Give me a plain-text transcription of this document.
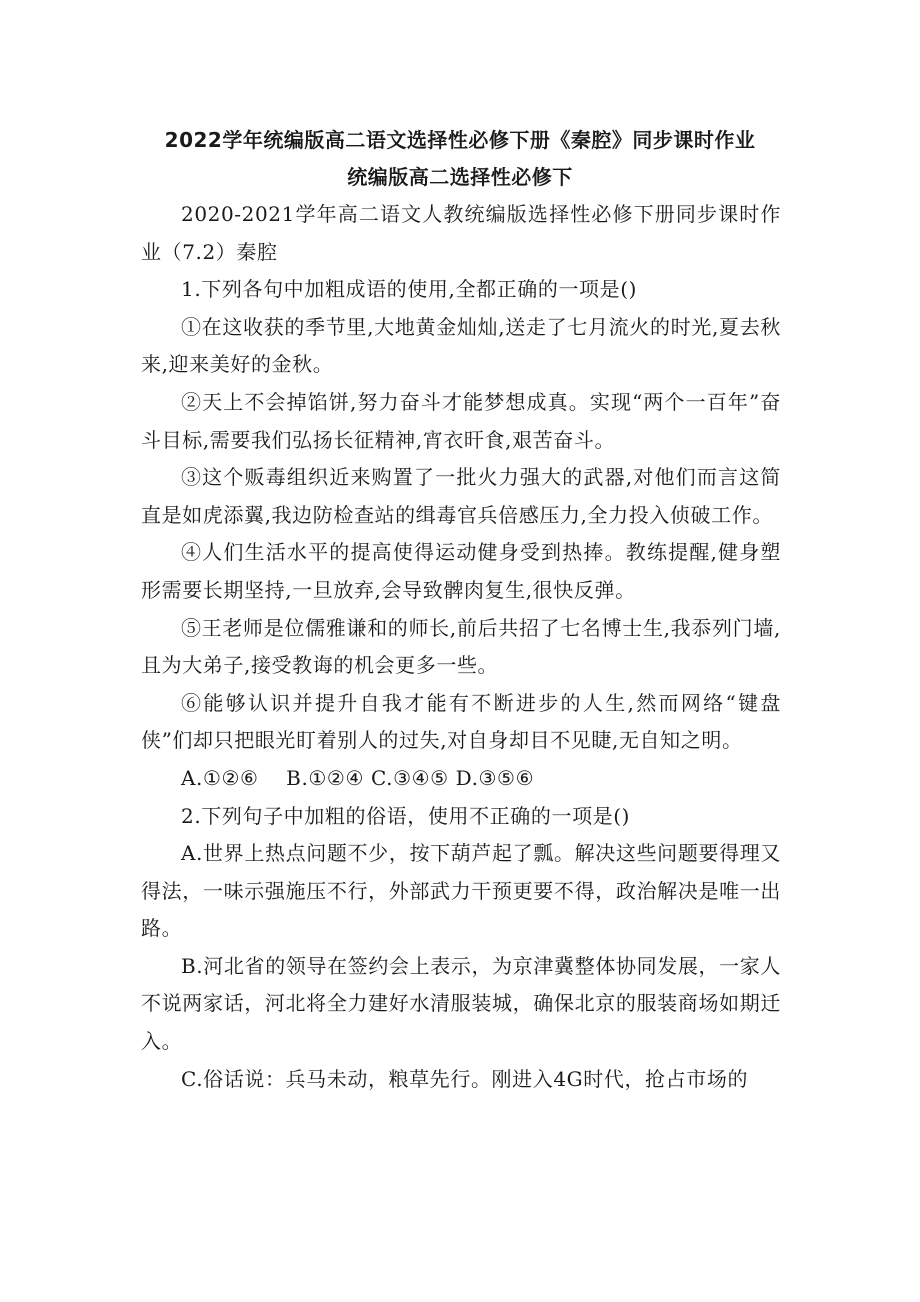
2022学年统编版高二语文选择性必修下册《秦腔》同步课时作业
统编版高二选择性必修下

2020-2021学年高二语文人教统编版选择性必修下册同步课时作业（7.2）秦腔

1.下列各句中加粗成语的使用,全都正确的一项是()

①在这收获的季节里,大地黄金灿灿,送走了七月流火的时光,夏去秋来,迎来美好的金秋。

②天上不会掉馅饼,努力奋斗才能梦想成真。实现“两个一百年”奋斗目标,需要我们弘扬长征精神,宵衣旰食,艰苦奋斗。

③这个贩毒组织近来购置了一批火力强大的武器,对他们而言这简直是如虎添翼,我边防检查站的缉毒官兵倍感压力,全力投入侦破工作。

④人们生活水平的提高使得运动健身受到热捧。教练提醒,健身塑形需要长期坚持,一旦放弃,会导致髀肉复生,很快反弹。

⑤王老师是位儒雅谦和的师长,前后共招了七名博士生,我忝列门墙,且为大弟子,接受教诲的机会更多一些。

⑥能够认识并提升自我才能有不断进步的人生,然而网络“键盘侠”们却只把眼光盯着别人的过失,对自身却目不见睫,无自知之明。

A.①②⑥　 B.①②④ C.③④⑤ D.③⑤⑥

2.下列句子中加粗的俗语，使用不正确的一项是()

A.世界上热点问题不少，按下葫芦起了瓢。解决这些问题要得理又得法，一味示强施压不行，外部武力干预更要不得，政治解决是唯一出路。

B.河北省的领导在签约会上表示，为京津冀整体协同发展，一家人不说两家话，河北将全力建好水清服装城，确保北京的服装商场如期迁入。

C.俗话说：兵马未动，粮草先行。刚进入4G时代，抢占市场的
